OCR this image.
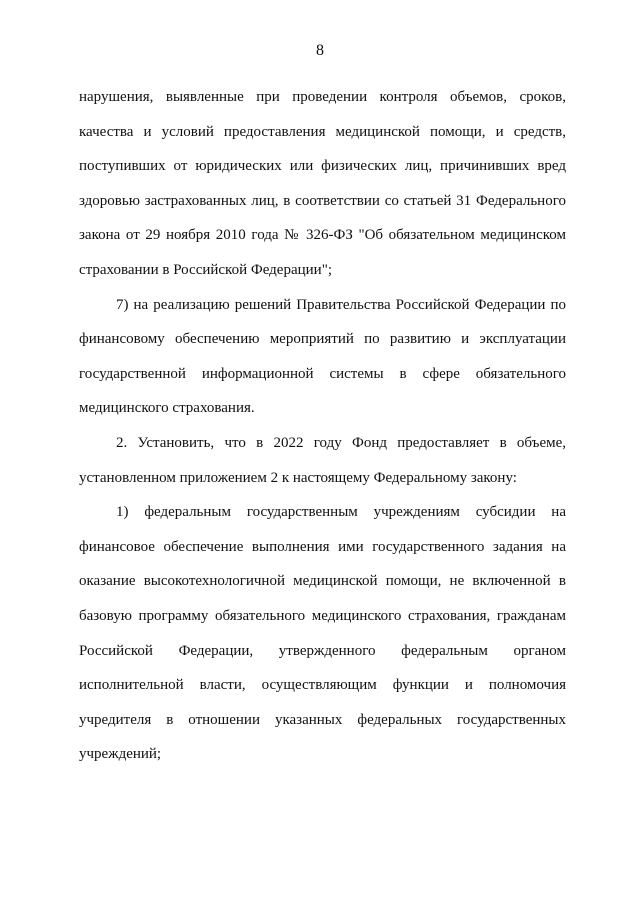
8

нарушения, выявленные при проведении контроля объемов, сроков, качества и условий предоставления медицинской помощи, и средств, поступивших от юридических или физических лиц, причинивших вред здоровью застрахованных лиц, в соответствии со статьей 31 Федерального закона от 29 ноября 2010 года № 326-ФЗ "Об обязательном медицинском страховании в Российской Федерации";

7) на реализацию решений Правительства Российской Федерации по финансовому обеспечению мероприятий по развитию и эксплуатации государственной информационной системы в сфере обязательного медицинского страхования.

2. Установить, что в 2022 году Фонд предоставляет в объеме, установленном приложением 2 к настоящему Федеральному закону:

1) федеральным государственным учреждениям субсидии на финансовое обеспечение выполнения ими государственного задания на оказание высокотехнологичной медицинской помощи, не включенной в базовую программу обязательного медицинского страхования, гражданам Российской Федерации, утвержденного федеральным органом исполнительной власти, осуществляющим функции и полномочия учредителя в отношении указанных федеральных государственных учреждений;
